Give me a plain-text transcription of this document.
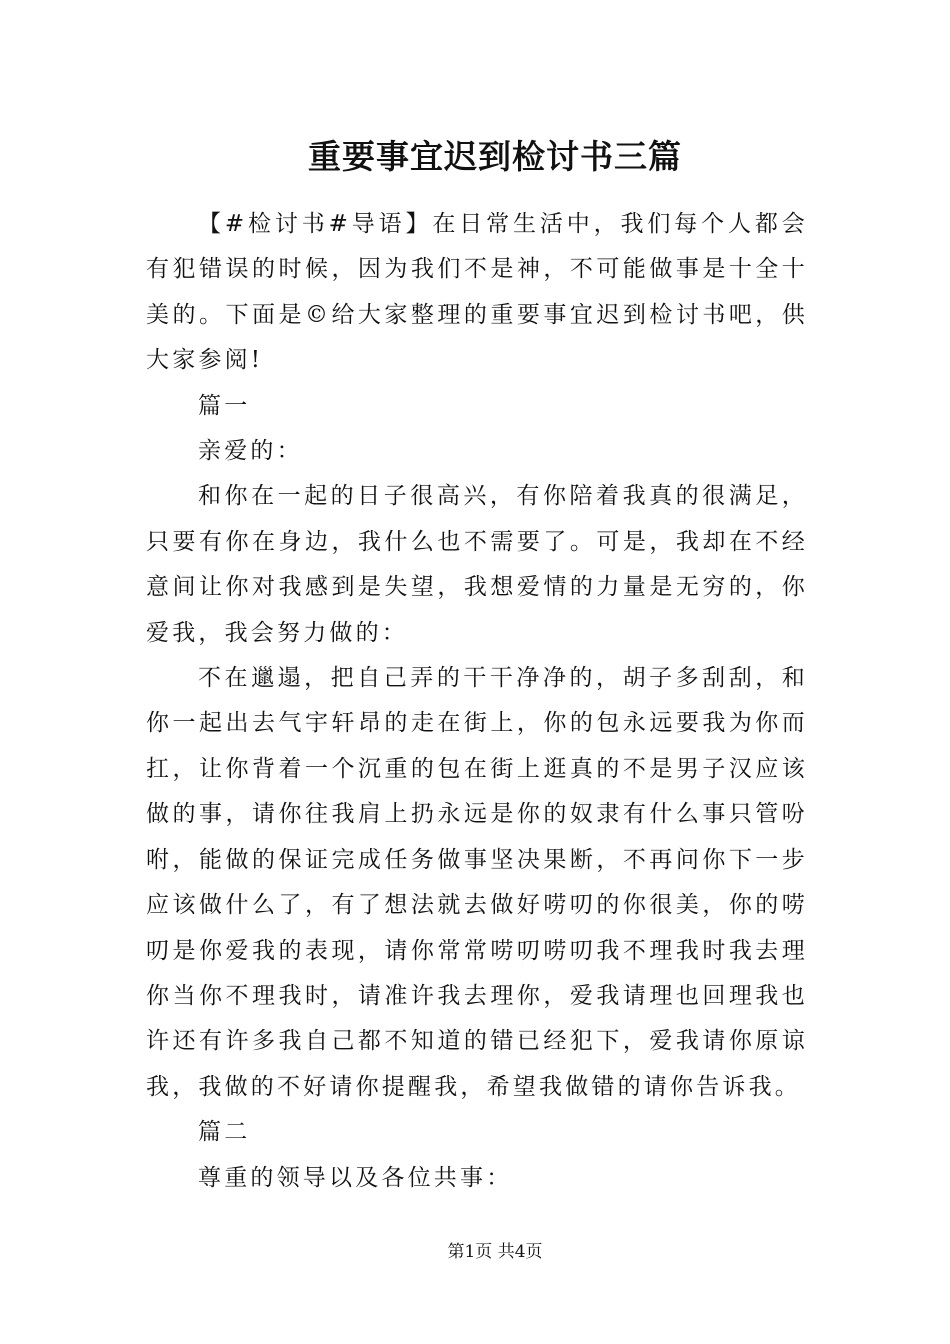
重要事宜迟到检讨书三篇

【#检讨书#导语】在日常生活中，我们每个人都会有犯错误的时候，因为我们不是神，不可能做事是十全十美的。下面是©给大家整理的重要事宜迟到检讨书吧，供大家参阅!

篇一

亲爱的：

和你在一起的日子很高兴，有你陪着我真的很满足，只要有你在身边，我什么也不需要了。可是，我却在不经意间让你对我感到是失望，我想爱情的力量是无穷的，你爱我，我会努力做的：

不在邋遢，把自己弄的干干净净的，胡子多刮刮，和你一起出去气宇轩昂的走在街上，你的包永远要我为你而扛，让你背着一个沉重的包在街上逛真的不是男子汉应该做的事，请你往我肩上扔永远是你的奴隶有什么事只管吩咐，能做的保证完成任务做事坚决果断，不再问你下一步应该做什么了，有了想法就去做好唠叨的你很美，你的唠叨是你爱我的表现，请你常常唠叨唠叨我不理我时我去理你当你不理我时，请准许我去理你，爱我请理也回理我也许还有许多我自己都不知道的错已经犯下，爱我请你原谅我，我做的不好请你提醒我，希望我做错的请你告诉我。

篇二

尊重的领导以及各位共事：

第1页 共4页
